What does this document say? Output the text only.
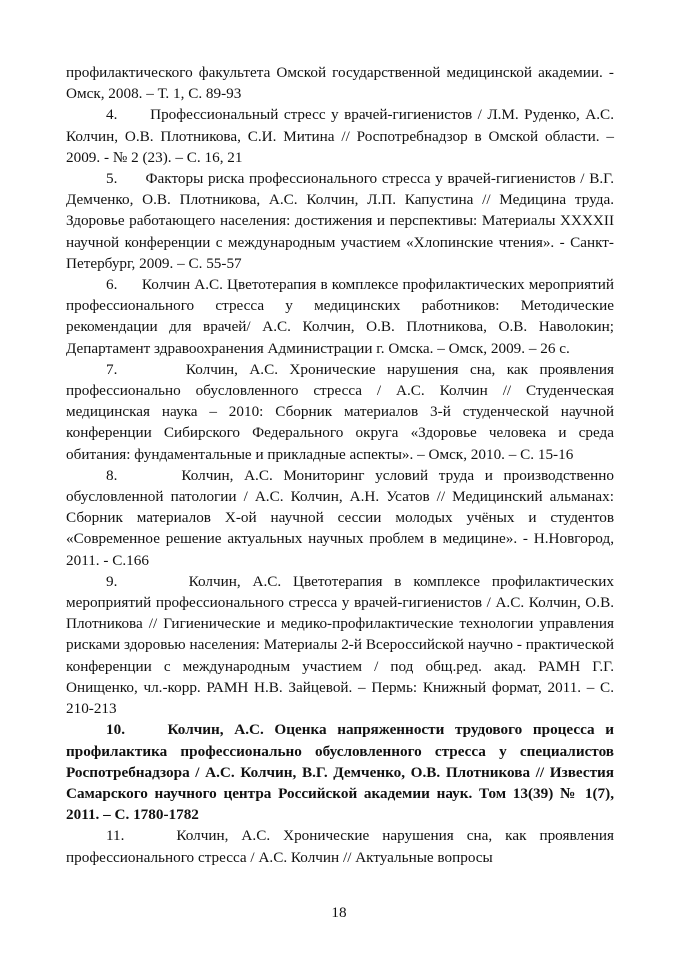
профилактического факультета Омской государственной медицинской академии. - Омск, 2008. – Т. 1, С. 89-93

4.      Профессиональный стресс у врачей-гигиенистов / Л.М. Руденко, А.С. Колчин, О.В. Плотникова, С.И. Митина // Роспотребнадзор в Омской области. – 2009. - № 2 (23). – С. 16, 21

5.      Факторы риска профессионального стресса у врачей-гигиенистов / В.Г. Демченко, О.В. Плотникова, А.С. Колчин, Л.П. Капустина // Медицина труда. Здоровье работающего населения: достижения и перспективы: Материалы XXXXII научной конференции с международным участием «Хлопинские чтения». - Санкт-Петербург, 2009. – С. 55-57

6.      Колчин А.С. Цветотерапия в комплексе профилактических мероприятий профессионального стресса у медицинских работников: Методические рекомендации для врачей/ А.С. Колчин, О.В. Плотникова, О.В. Наволокин; Департамент здравоохранения Администрации г. Омска. – Омск, 2009. – 26 с.

7.      Колчин, А.С. Хронические нарушения сна, как проявления профессионально обусловленного стресса / А.С. Колчин // Студенческая медицинская наука – 2010: Сборник материалов 3-й студенческой научной конференции Сибирского Федерального округа «Здоровье человека и среда обитания: фундаментальные и прикладные аспекты». – Омск, 2010. – С. 15-16

8.      Колчин, А.С. Мониторинг условий труда и производственно обусловленной патологии / А.С. Колчин, А.Н. Усатов // Медицинский альманах: Сборник материалов X-ой научной сессии молодых учёных и студентов «Современное решение актуальных научных проблем в медицине». - Н.Новгород, 2011. - С.166

9.      Колчин, А.С. Цветотерапия в комплексе профилактических мероприятий профессионального стресса у врачей-гигиенистов / А.С. Колчин, О.В. Плотникова // Гигиенические и медико-профилактические технологии управления рисками здоровью населения: Материалы 2-й Всероссийской научно - практической конференции с международным участием / под общ.ред. акад. РАМН Г.Г. Онищенко, чл.-корр. РАМН Н.В. Зайцевой. – Пермь: Книжный формат, 2011. – С. 210-213

10.    Колчин, А.С. Оценка напряженности трудового процесса и профилактика профессионально обусловленного стресса у специалистов Роспотребнадзора / А.С. Колчин, В.Г. Демченко, О.В. Плотникова // Известия Самарского научного центра Российской академии наук. Том 13(39) № 1(7), 2011. – С. 1780-1782

11.    Колчин, А.С. Хронические нарушения сна, как проявления профессионального стресса / А.С. Колчин // Актуальные вопросы

18
